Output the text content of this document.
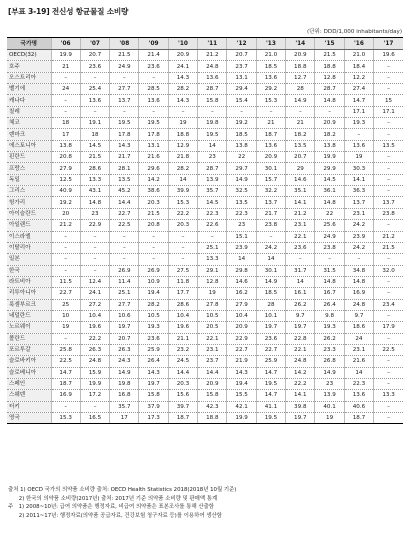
[부표 3-19] 전신성 항균물질 소비량
(단위: DDD/1,000 inhabitants/day)
국가명	'06	'07	'08	'09	'10	'11	'12	'13	'14	'15	'16	'17
OECD(32)	19.9	20.7	21.5	21.4	20.9	21.2	20.7	21.0	20.9	21.5	21.0	19.6
호주	21	23.6	24.9	23.6	24.1	24.8	23.7	18.5	18.8	18.8	18.4	–
오스트리아	–	–	–	–	14.3	13.6	13.1	13.6	12.7	12.8	12.2	–
벨기에	24	25.4	27.7	28.5	28.2	28.7	29.4	29.2	28	28.7	27.4	–
캐나다	–	13.6	13.7	13.6	14.3	15.8	15.4	15.3	14.9	14.8	14.7	15
칠레	–	–	–	–	–	–	–	–	–	–	17.1	17.1
체코	18	19.1	19.5	19.5	19	19.8	19.2	21	21	20.9	19.3	–
덴마크	17	18	17.8	17.8	18.8	19.5	18.5	18.7	18.2	18.2	–	–
에스토니아	13.8	14.5	14.3	13.1	12.9	14	13.8	13.6	13.5	13.8	13.6	13.5
핀란드	20.8	21.5	21.7	21.6	21.8	23	22	20.9	20.7	19.9	19	–
프랑스	27.9	28.6	28.1	29.6	28.2	28.7	29.7	30.1	29	29.9	30.3	–
독일	12.5	13.3	13.5	14.2	14	13.9	14.9	15.7	14.6	14.5	14.1	–
그리스	40.9	43.1	45.2	38.6	39.9	35.7	32.5	32.2	35.1	36.1	36.3	–
헝가리	19.2	14.8	14.4	20.3	15.3	14.5	13.5	13.7	14.1	14.8	13.7	13.7
아이슬란드	20	23	22.7	21.5	22.2	22.3	22.3	21.7	21.2	22	23.1	23.8
아일랜드	21.2	22.9	22.5	20.8	20.3	22.6	23	23.8	23.1	25.6	24.2	–
이스라엘	–	–	–	–	–	–	15.1	–	22.1	24.9	23.9	21.2
이탈리아	–	–	–	–	–	25.1	23.9	24.2	23.6	23.8	24.2	21.5
일본	–	–	–	–	–	13.3	14	14	–	–	–	–
한국	–	–	26.9	26.9	27.5	29.1	29.8	30.1	31.7	31.5	34.8	32.0
라트비아	11.5	12.4	11.4	10.9	11.8	12.8	14.6	14.9	14	14.8	14.8	–
리투아니아	22.7	24.1	25.1	19.4	17.7	19	16.2	18.5	16.1	16.7	16.9	–
룩셈부르크	25	27.2	27.7	28.2	28.6	27.8	27.9	28	26.2	26.4	24.8	23.4
네덜란드	10	10.4	10.6	10.5	10.4	10.5	10.4	10.1	9.7	9.8	9.7	–
노르웨이	19	19.6	19.7	19.3	19.6	20.5	20.9	19.7	19.7	19.3	18.6	17.9
폴란드	–	22.2	20.7	23.6	21.1	22.1	22.9	23.6	22.8	26.2	24	–
포르투갈	25.8	26.3	26.3	25.9	23.2	23.1	22.7	22.7	22.1	23.3	23.1	22.5
슬로바키아	22.5	24.8	24.3	26.4	24.5	23.7	21.9	25.9	24.8	26.8	21.6	–
슬로베니아	14.7	15.9	14.9	14.3	14.4	14.4	14.3	14.7	14.2	14.9	14	–
스페인	18.7	19.9	19.8	19.7	20.3	20.9	19.4	19.5	22.2	23	22.3	–
스웨덴	16.9	17.2	16.8	15.8	15.6	15.8	15.5	14.7	14.1	13.9	13.6	13.3
터키	–	–	35.7	37.9	39.7	42.3	42.1	41.1	39.8	40.1	40.6	–
영국	15.3	16.5	17	17.3	18.7	18.8	19.9	19.5	19.7	19	18.7	–
출처 1) OECD 국가의 의약품 소비량 출처: OECD Health Statistics 2018(2018년 10월 기준)
　　2) 한국의 의약품 소비량(2017년) 출처: 2017년 기준 의약품 소비량 및 판매액 통계
주　1) 2008~10년: 급여 의약품은 행정자료, 비급여 의약품은 표본조사를 통해 산출함
　　2) 2011~17년: 행정자료(의약품 공급자료, 건강보험 청구자료 등)를 이용하여 생산함
